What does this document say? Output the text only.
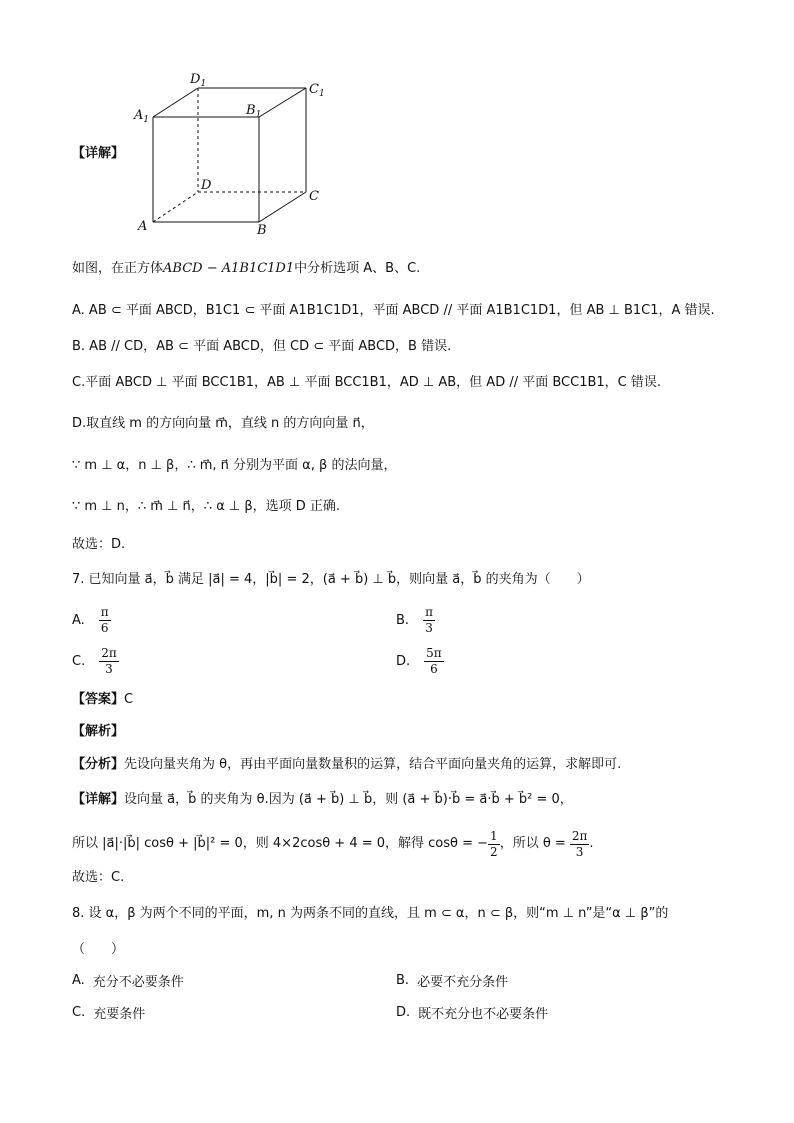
$D_1$	$C_1$
$A_1$
$B_1$
D
C
A	B
【详解】
如图，在正方体ABCD − A1B1C1D1中分析选项 A、B、C.
A. AB ⊂ 平面 ABCD，B1C1 ⊂ 平面 A1B1C1D1，平面 ABCD // 平面 A1B1C1D1，但 AB ⊥ B1C1，A 错误.
B. AB // CD，AB ⊂ 平面 ABCD，但 CD ⊂ 平面 ABCD，B 错误.
C.平面 ABCD ⊥ 平面 BCC1B1，AB ⊥ 平面 BCC1B1，AD ⊥ AB，但 AD // 平面 BCC1B1，C 错误.
D.取直线 m 的方向向量 m⃗，直线 n 的方向向量 n⃗，
∵ m ⊥ α，n ⊥ β，∴ m⃗, n⃗ 分别为平面 α, β 的法向量，
∵ m ⊥ n，∴ m⃗ ⊥ n⃗，∴ α ⊥ β，选项 D 正确.
故选：D.
7. 已知向量 a⃗，b⃗ 满足 |a⃗| = 4，|b⃗| = 2，(a⃗ + b⃗) ⊥ b⃗，则向量 a⃗，b⃗ 的夹角为（　　）
A. $\frac{\pi}{6}$	B. $\frac{\pi}{3}$
C. $\frac{2\pi}{3}$	D. $\frac{5\pi}{6}$
【答案】C
【解析】
【分析】先设向量夹角为 θ，再由平面向量数量积的运算，结合平面向量夹角的运算，求解即可.
【详解】设向量 a⃗，b⃗ 的夹角为 θ.因为 (a⃗ + b⃗) ⊥ b⃗，则 (a⃗ + b⃗)·b⃗ = a⃗·b⃗ + b⃗² = 0，
所以 |a⃗|·|b⃗| cosθ + |b⃗|² = 0，则 4×2cosθ + 4 = 0，解得 cosθ = − $\frac{1}{2}$ ，所以 $\theta = \frac{2\pi}{3}$ .
故选：C.
8. 设 α，β 为两个不同的平面，m, n 为两条不同的直线，且 m ⊂ α，n ⊂ β，则“m ⊥ n”是“α ⊥ β”的
（　　）
A. 充分不必要条件	B. 必要不充分条件
C. 充要条件	D. 既不充分也不必要条件
